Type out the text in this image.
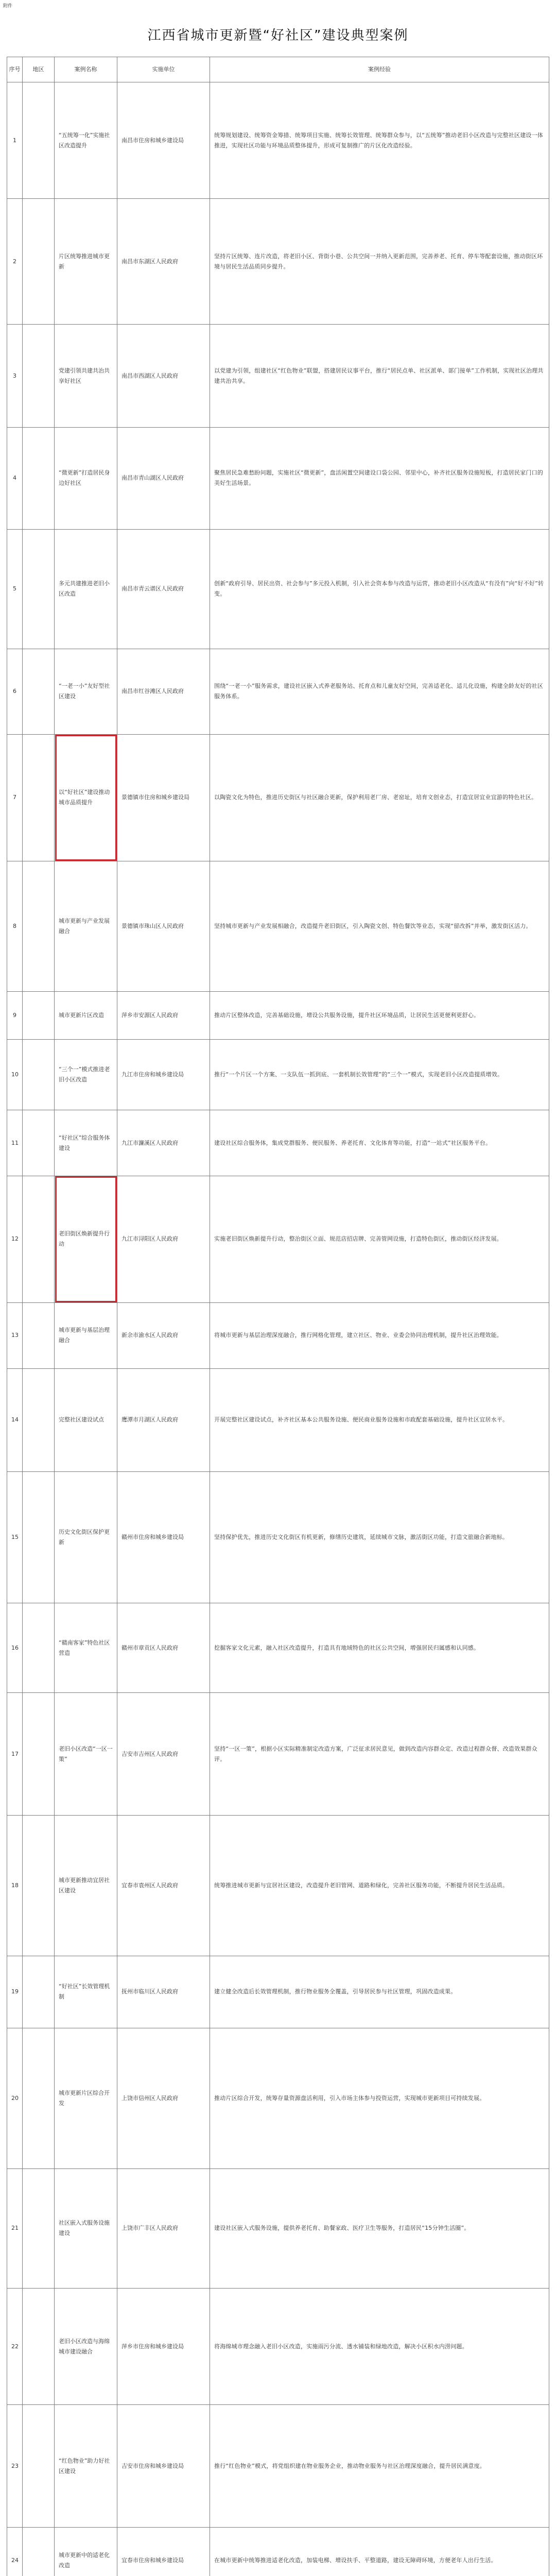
附件
江西省城市更新暨“好社区”建设典型案例
序号	地区	案例名称	实施单位	案例经验
1		“五统筹一化”实施社区改造提升	南昌市住房和城乡建设局	统筹规划建设、统筹资金筹措、统筹项目实施、统筹长效管理、统筹群众参与，以“五统筹”推动老旧小区改造与完整社区建设一体推进，实现社区功能与环境品质整体提升，形成可复制推广的片区化改造经验。
2		片区统筹推进城市更新	南昌市东湖区人民政府	坚持片区统筹、连片改造，将老旧小区、背街小巷、公共空间一并纳入更新范围，完善养老、托育、停车等配套设施，推动街区环境与居民生活品质同步提升。
3		党建引领共建共治共享好社区	南昌市西湖区人民政府	以党建为引领，组建社区“红色物业”联盟，搭建居民议事平台，推行“居民点单、社区派单、部门接单”工作机制，实现社区治理共建共治共享。
4		“微更新”打造居民身边好社区	南昌市青山湖区人民政府	聚焦居民急难愁盼问题，实施社区“微更新”，盘活闲置空间建设口袋公园、邻里中心，补齐社区服务设施短板，打造居民家门口的美好生活场景。
5		多元共建推进老旧小区改造	南昌市青云谱区人民政府	创新“政府引导、居民出资、社会参与”多元投入机制，引入社会资本参与改造与运营，推动老旧小区改造从“有没有”向“好不好”转变。
6		“一老一小”友好型社区建设	南昌市红谷滩区人民政府	围绕“一老一小”服务需求，建设社区嵌入式养老服务站、托育点和儿童友好空间，完善适老化、适儿化设施，构建全龄友好的社区服务体系。
7		以“好社区”建设推动城市品质提升	景德镇市住房和城乡建设局	以陶瓷文化为特色，推进历史街区与社区融合更新，保护利用老厂房、老窑址，培育文创业态，打造宜居宜业宜游的特色社区。
8		城市更新与产业发展融合	景德镇市珠山区人民政府	坚持城市更新与产业发展相融合，改造提升老旧街区，引入陶瓷文创、特色餐饮等业态，实现“留改拆”并举，激发街区活力。
9		城市更新片区改造	萍乡市安源区人民政府	推动片区整体改造，完善基础设施，增设公共服务设施，提升社区环境品质，让居民生活更便利更舒心。
10		“三个一”模式推进老旧小区改造	九江市住房和城乡建设局	推行“一个片区一个方案、一支队伍一抓到底、一套机制长效管理”的“三个一”模式，实现老旧小区改造提质增效。
11		“好社区”综合服务体建设	九江市濂溪区人民政府	建设社区综合服务体，集成党群服务、便民服务、养老托育、文化体育等功能，打造“一站式”社区服务平台。
12		老旧街区焕新提升行动	九江市浔阳区人民政府	实施老旧街区焕新提升行动，整治街区立面、规范店招店牌、完善管网设施，打造特色街区，推动街区经济发展。
13		城市更新与基层治理融合	新余市渝水区人民政府	将城市更新与基层治理深度融合，推行网格化管理，建立社区、物业、业委会协同治理机制，提升社区治理效能。
14		完整社区建设试点	鹰潭市月湖区人民政府	开展完整社区建设试点，补齐社区基本公共服务设施、便民商业服务设施和市政配套基础设施，提升社区宜居水平。
15		历史文化街区保护更新	赣州市住房和城乡建设局	坚持保护优先，推进历史文化街区有机更新，修缮历史建筑，延续城市文脉，激活街区功能，打造文旅融合新地标。
16		“赣南客家”特色社区营造	赣州市章贡区人民政府	挖掘客家文化元素，融入社区改造提升，打造具有地域特色的社区公共空间，增强居民归属感和认同感。
17		老旧小区改造“一区一策”	吉安市吉州区人民政府	坚持“一区一策”，根据小区实际精准制定改造方案，广泛征求居民意见，做到改造内容群众定、改造过程群众督、改造效果群众评。
18		城市更新推动宜居社区建设	宜春市袁州区人民政府	统筹推进城市更新与宜居社区建设，改造提升老旧管网、道路和绿化，完善社区服务功能，不断提升居民生活品质。
19		“好社区”长效管理机制	抚州市临川区人民政府	建立健全改造后长效管理机制，推行物业服务全覆盖，引导居民参与社区管理，巩固改造成果。
20		城市更新片区综合开发	上饶市信州区人民政府	推动片区综合开发，统筹存量资源盘活利用，引入市场主体参与投资运营，实现城市更新项目可持续发展。
21		社区嵌入式服务设施建设	上饶市广丰区人民政府	建设社区嵌入式服务设施，提供养老托育、助餐家政、医疗卫生等服务，打造居民“15分钟生活圈”。
22		老旧小区改造与海绵城市建设融合	萍乡市住房和城乡建设局	将海绵城市理念融入老旧小区改造，实施雨污分流、透水铺装和绿地改造，解决小区积水内涝问题。
23		“红色物业”助力好社区建设	吉安市住房和城乡建设局	推行“红色物业”模式，将党组织建在物业服务企业，推动物业服务与社区治理深度融合，提升居民满意度。
24		城市更新中的适老化改造	宜春市住房和城乡建设局	在城市更新中统筹推进适老化改造，加装电梯、增设扶手、平整道路，建设无障碍环境，方便老年人出行生活。
